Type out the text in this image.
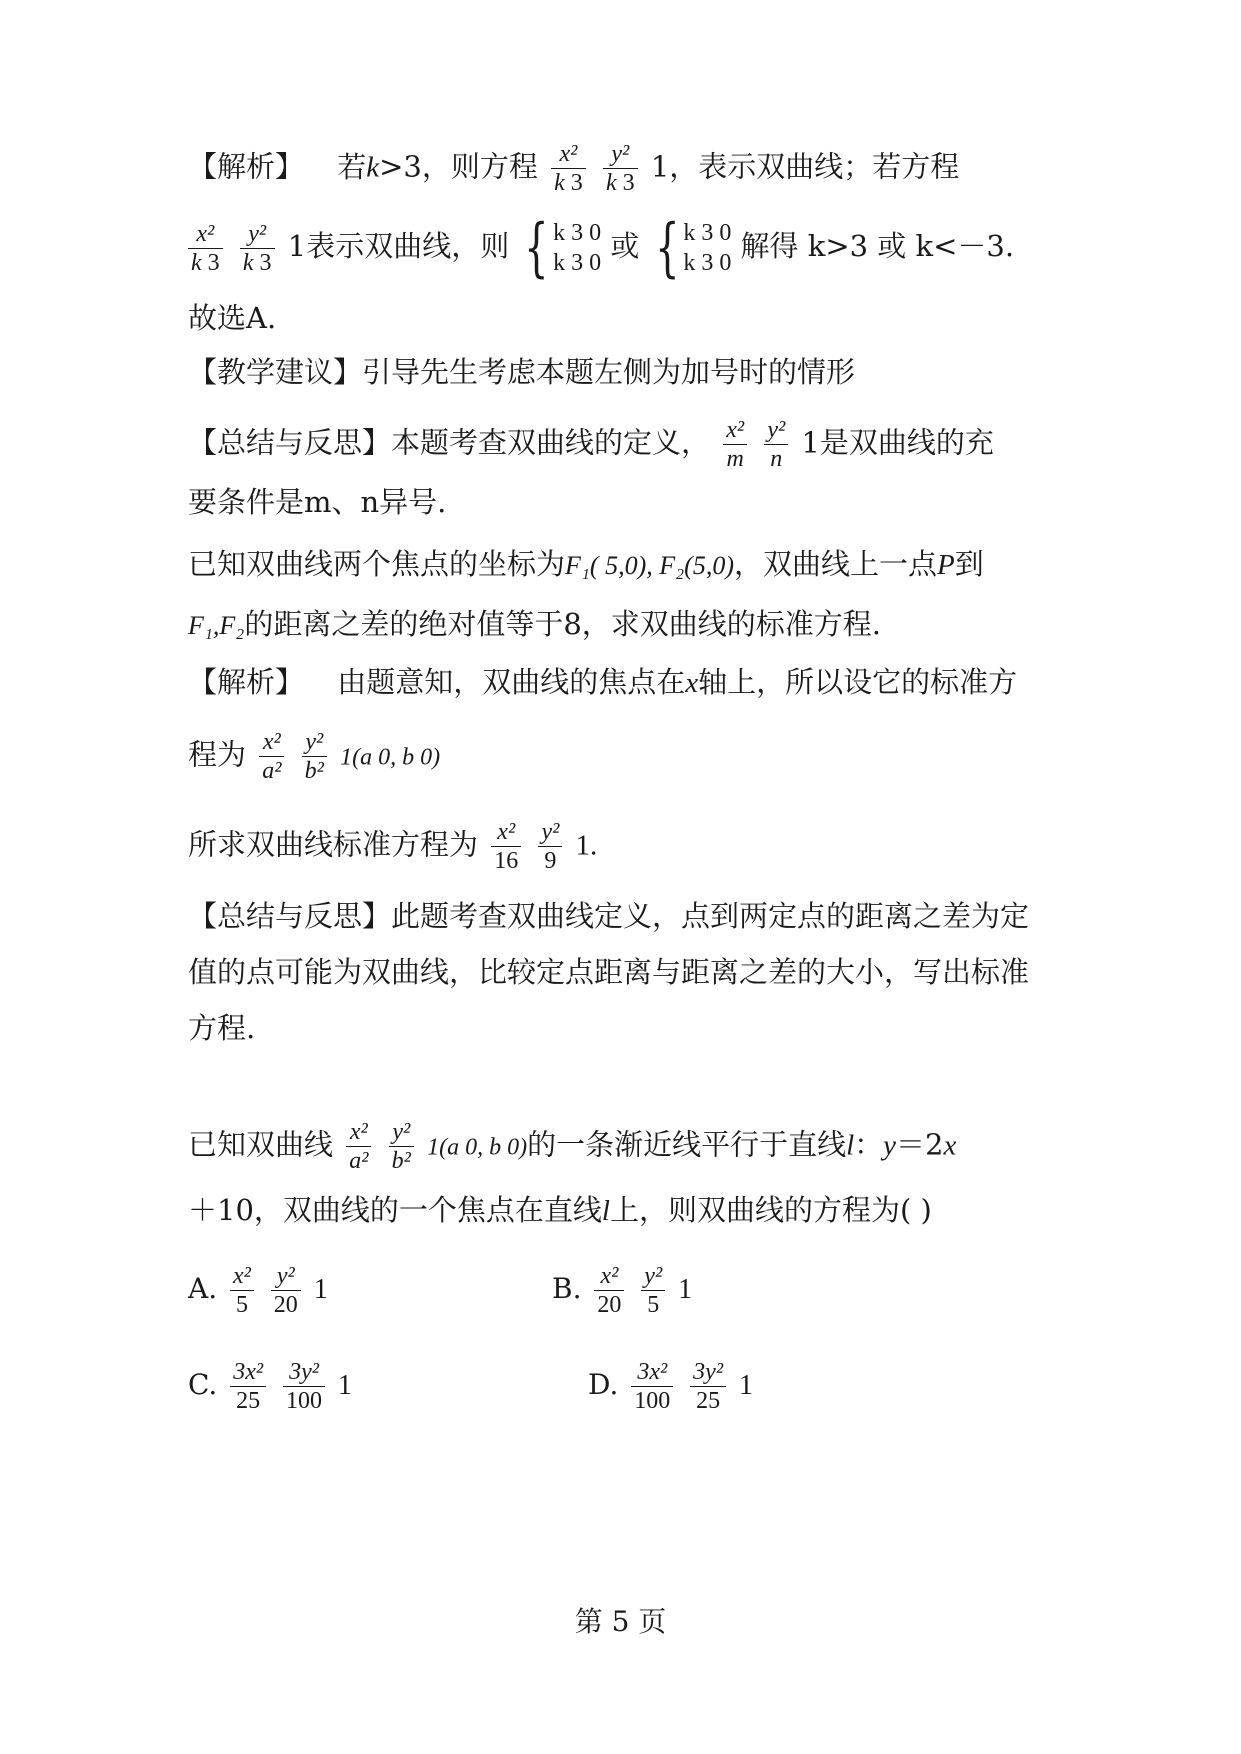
【解析】 若k>3，则方程 $\frac{\text{x²}}{k 3}$
$\frac{\text{y²}}{k 3} 1$，表示双曲线；若方程
$\frac{\text{x²}}{k 3}$
$\frac{\text{y²}}{k 3} 1$表示双曲线，则 { k 3 0
k 3 0 或 { k 3 0
k 3 0 解得 k>3 或 k<－3.
故选A.
【教学建议】引导先生考虑本题左侧为加号时的情形
【总结与反思】本题考查双曲线的定义， $\frac{\text{x²}}{m}$
$\frac{\text{y²}}{n} 1$是双曲线的充
要条件是m、n异号.
已知双曲线两个焦点的坐标为F₁( 5,0), F₂(5,0)，双曲线上一点P到
F₁,F₂的距离之差的绝对值等于8，求双曲线的标准方程.
【解析】 由题意知，双曲线的焦点在x轴上，所以设它的标准方
程为 $\frac{\text{x²}}{\text{a²}}$
$\frac{\text{y²}}{\text{b²}} 1(a$ 0, b 0)
所求双曲线标准方程为 $\frac{\text{x²}}{16}$
$\frac{\text{y²}}{9} 1$.
【总结与反思】此题考查双曲线定义，点到两定点的距离之差为定
值的点可能为双曲线，比较定点距离与距离之差的大小，写出标准
方程.
已知双曲线 $\frac{\text{x²}}{\text{a²}}$
$\frac{\text{y²}}{\text{b²}} 1(a$ 0, b 0)的一条渐近线平行于直线l：y＝2x
＋10，双曲线的一个焦点在直线l上，则双曲线的方程为( )
A. $\frac{\text{x²}}{5}$
$\frac{\text{y²}}{20} 1$	B. $\frac{\text{x²}}{20}$
$\frac{\text{y²}}{5} 1$
C. $\frac{\text{3x²}}{25}$
$\frac{\text{3y²}}{100} 1$	D. $\frac{\text{3x²}}{100}$
$\frac{\text{3y²}}{25} 1$
第 5 页
